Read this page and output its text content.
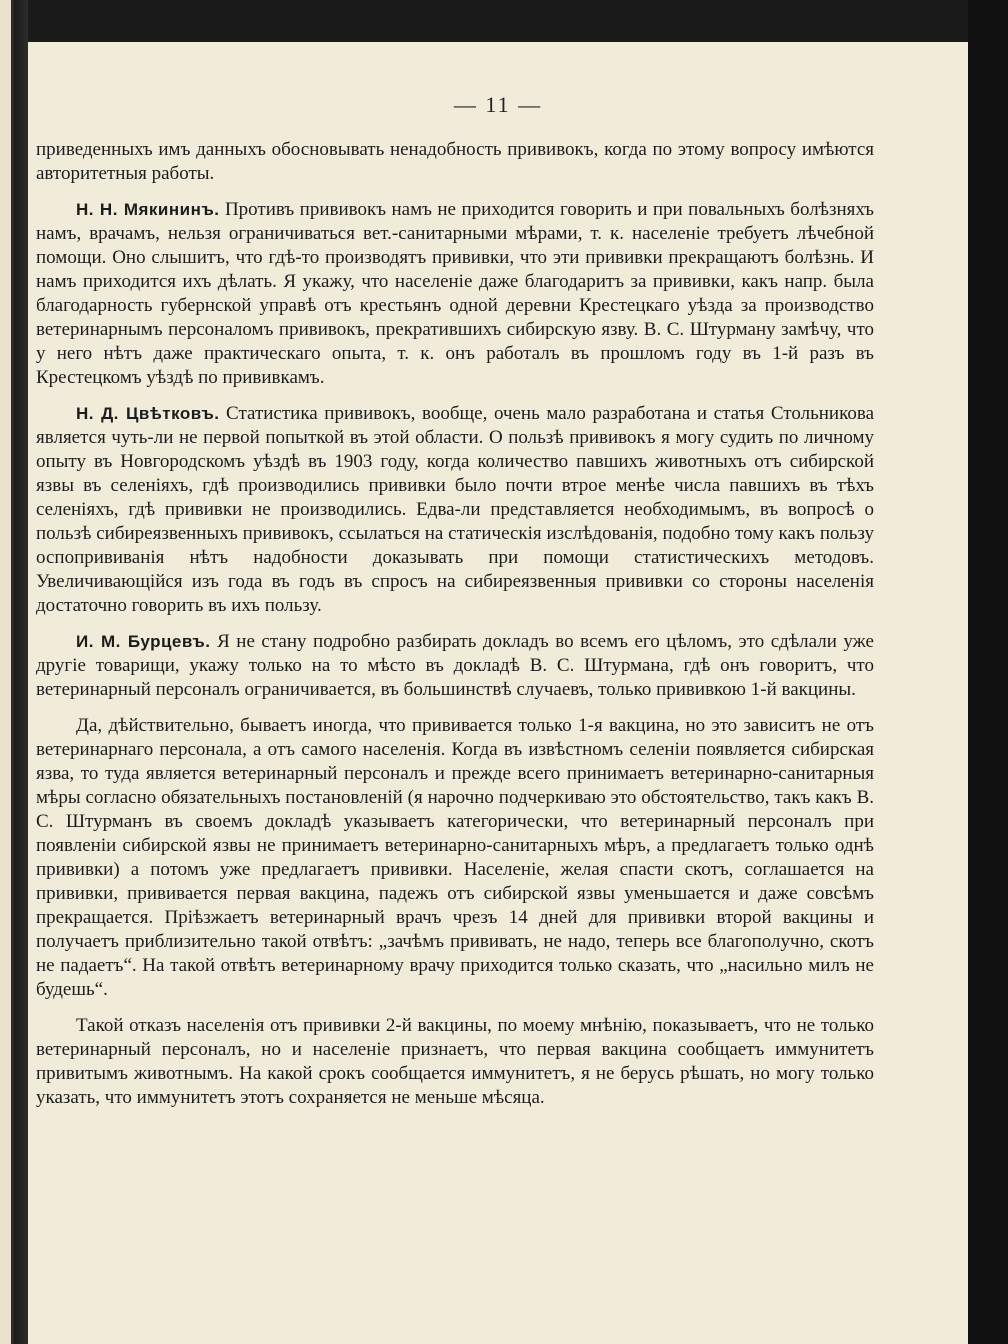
— 11 —

приведенныхъ имъ данныхъ обосновывать ненадобность прививокъ, когда по этому вопросу имѣются авторитетныя работы.

Н. Н. Мякининъ. Противъ прививокъ намъ не приходится говорить и при повальныхъ болѣзняхъ намъ, врачамъ, нельзя ограничиваться вет.-санитарными мѣрами, т. к. населеніе требуетъ лѣчебной помощи. Оно слышитъ, что гдѣ-то производятъ прививки, что эти прививки прекращаютъ болѣзнь. И намъ приходится ихъ дѣлать. Я укажу, что населеніе даже благодаритъ за прививки, какъ напр. была благодарность губернской управѣ отъ крестьянъ одной деревни Крестецкаго уѣзда за производство ветеринарнымъ персоналомъ прививокъ, прекратившихъ сибирскую язву. В. С. Штурману замѣчу, что у него нѣтъ даже практическаго опыта, т. к. онъ работалъ въ прошломъ году въ 1-й разъ въ Крестецкомъ уѣздѣ по прививкамъ.

Н. Д. Цвѣтковъ. Статистика прививокъ, вообще, очень мало разработана и статья Стольникова является чуть-ли не первой попыткой въ этой области. О пользѣ прививокъ я могу судить по личному опыту въ Новгородскомъ уѣздѣ въ 1903 году, когда количество павшихъ животныхъ отъ сибирской язвы въ селеніяхъ, гдѣ производились прививки было почти втрое менѣе числа павшихъ въ тѣхъ селеніяхъ, гдѣ прививки не производились. Едва-ли представляется необходимымъ, въ вопросѣ о пользѣ сибиреязвенныхъ прививокъ, ссылаться на статическія изслѣдованія, подобно тому какъ пользу оспопрививанія нѣтъ надобности доказывать при помощи статистическихъ методовъ. Увеличивающійся изъ года въ годъ въ спросъ на сибиреязвенныя прививки со стороны населенія достаточно говорить въ ихъ пользу.

И. М. Бурцевъ. Я не стану подробно разбирать докладъ во всемъ его цѣломъ, это сдѣлали уже другіе товарищи, укажу только на то мѣсто въ докладѣ В. С. Штурмана, гдѣ онъ говоритъ, что ветеринарный персоналъ ограничивается, въ большинствѣ случаевъ, только прививкою 1-й вакцины.

Да, дѣйствительно, бываетъ иногда, что прививается только 1-я вакцина, но это зависитъ не отъ ветеринарнаго персонала, а отъ самого населенія. Когда въ извѣстномъ селеніи появляется сибирская язва, то туда является ветеринарный персоналъ и прежде всего принимаетъ ветеринарно-санитарныя мѣры согласно обязательныхъ постановленій (я нарочно подчеркиваю это обстоятельство, такъ какъ В. С. Штурманъ въ своемъ докладѣ указываетъ категорически, что ветеринарный персоналъ при появленіи сибирской язвы не принимаетъ ветеринарно-санитарныхъ мѣръ, а предлагаетъ только однѣ прививки) а потомъ уже предлагаетъ прививки. Населеніе, желая спасти скотъ, соглашается на прививки, прививается первая вакцина, падежъ отъ сибирской язвы уменьшается и даже совсѣмъ прекращается. Пріѣзжаетъ ветеринарный врачъ чрезъ 14 дней для прививки второй вакцины и получаетъ приблизительно такой отвѣтъ: „зачѣмъ прививать, не надо, теперь все благополучно, скотъ не падаетъ“. На такой отвѣтъ ветеринарному врачу приходится только сказать, что „насильно милъ не будешь“.

Такой отказъ населенія отъ прививки 2-й вакцины, по моему мнѣнію, показываетъ, что не только ветеринарный персоналъ, но и населеніе признаетъ, что первая вакцина сообщаетъ иммунитетъ привитымъ животнымъ. На какой срокъ сообщается иммунитетъ, я не берусь рѣшать, но могу только указать, что иммунитетъ этотъ сохраняется не меньше мѣсяца.
